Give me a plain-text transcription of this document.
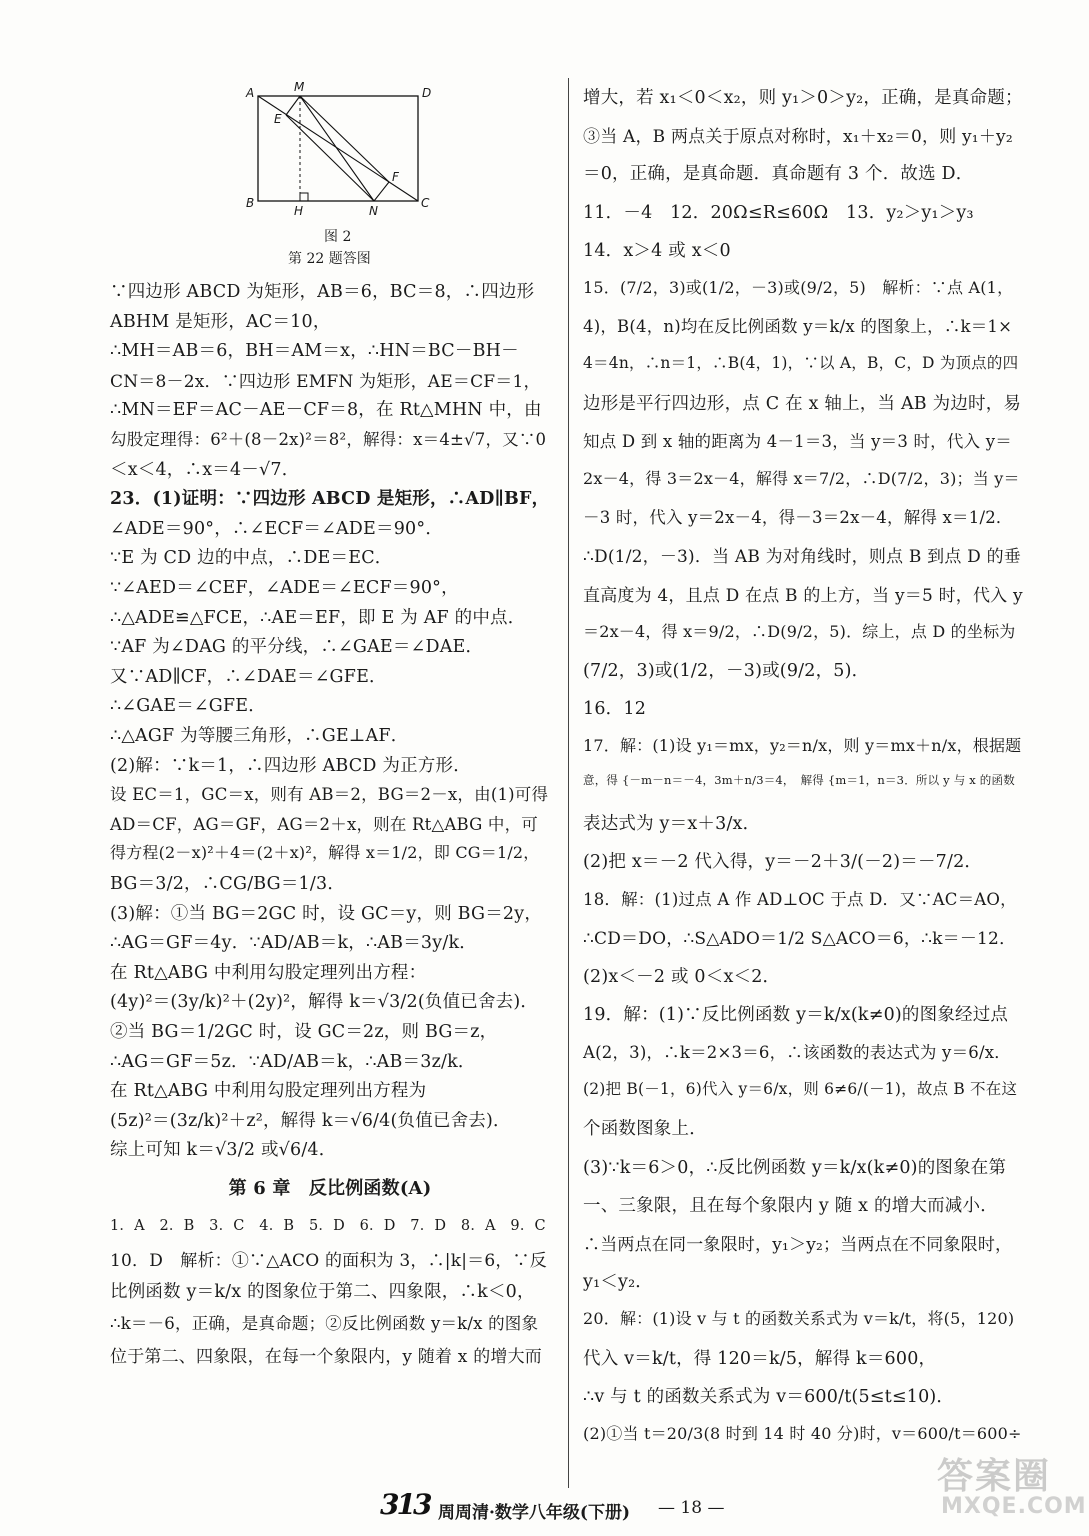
A	M	D
E
F
B
H	N
C
图 2
第 22 题答图
∵四边形 ABCD 为矩形，AB＝6，BC＝8，∴四边形
ABHM 是矩形，AC＝10，
∴MH＝AB＝6，BH＝AM＝x，∴HN＝BC－BH－
CN＝8－2x．∵四边形 EMFN 为矩形，AE＝CF＝1，
∴MN＝EF＝AC－AE－CF＝8，在 Rt△MHN 中，由
勾股定理得：6²＋(8－2x)²＝8²，解得：x＝4±√7，又∵0
＜x＜4，∴x＝4－√7．
23．(1)证明：∵四边形 ABCD 是矩形，∴AD∥BF，
∠ADE＝90°，∴∠ECF＝∠ADE＝90°．
∵E 为 CD 边的中点，∴DE＝EC．
∵∠AED＝∠CEF，∠ADE＝∠ECF＝90°，
∴△ADE≌△FCE，∴AE＝EF，即 E 为 AF 的中点．
∵AF 为∠DAG 的平分线，∴∠GAE＝∠DAE．
又∵AD∥CF，∴∠DAE＝∠GFE．
∴∠GAE＝∠GFE．
∴△AGF 为等腰三角形，∴GE⊥AF．
(2)解：∵k＝1，∴四边形 ABCD 为正方形．
设 EC＝1，GC＝x，则有 AB＝2，BG＝2－x，由(1)可得
AD＝CF，AG＝GF，AG＝2＋x，则在 Rt△ABG 中，可
得方程(2－x)²＋4＝(2＋x)²，解得 x＝1/2，即 CG＝1/2，
BG＝3/2，∴CG/BG＝1/3．
(3)解：①当 BG＝2GC 时，设 GC＝y，则 BG＝2y，
∴AG＝GF＝4y．∵AD/AB＝k，∴AB＝3y/k．
在 Rt△ABG 中利用勾股定理列出方程：
(4y)²＝(3y/k)²＋(2y)²，解得 k＝√3/2(负值已舍去)．
②当 BG＝1/2GC 时，设 GC＝2z，则 BG＝z，
∴AG＝GF＝5z．∵AD/AB＝k，∴AB＝3z/k．
在 Rt△ABG 中利用勾股定理列出方程为
(5z)²＝(3z/k)²＋z²，解得 k＝√6/4(负值已舍去)．
综上可知 k＝√3/2 或√6/4．
第 6 章　反比例函数(A)
1．A　2．B　3．C　4．B　5．D　6．D　7．D　8．A　9．C
10．D　解析：①∵△ACO 的面积为 3，∴|k|＝6，∵反
比例函数 y＝k/x 的图象位于第二、四象限，∴k＜0，
∴k＝－6，正确，是真命题；②反比例函数 y＝k/x 的图象
位于第二、四象限，在每一个象限内，y 随着 x 的增大而
增大，若 x₁＜0＜x₂，则 y₁＞0＞y₂，正确，是真命题；
③当 A，B 两点关于原点对称时，x₁＋x₂＝0，则 y₁＋y₂
＝0，正确，是真命题．真命题有 3 个．故选 D．
11．－4　12．20Ω≤R≤60Ω　13．y₂＞y₁＞y₃
14．x＞4 或 x＜0
15．(7/2，3)或(1/2，－3)或(9/2，5)　解析：∵点 A(1，
4)，B(4，n)均在反比例函数 y＝k/x 的图象上，∴k＝1×
4＝4n，∴n＝1，∴B(4，1)，∵以 A，B，C，D 为顶点的四
边形是平行四边形，点 C 在 x 轴上，当 AB 为边时，易
知点 D 到 x 轴的距离为 4－1＝3，当 y＝3 时，代入 y＝
2x－4，得 3＝2x－4，解得 x＝7/2，∴D(7/2，3)；当 y＝
－3 时，代入 y＝2x－4，得－3＝2x－4，解得 x＝1/2．
∴D(1/2，－3)．当 AB 为对角线时，则点 B 到点 D 的垂
直高度为 4，且点 D 在点 B 的上方，当 y＝5 时，代入 y
＝2x－4，得 x＝9/2，∴D(9/2，5)．综上，点 D 的坐标为
(7/2，3)或(1/2，－3)或(9/2，5)．
16．12
17．解：(1)设 y₁＝mx，y₂＝n/x，则 y＝mx＋n/x，根据题
意，得 {－m－n＝－4，3m＋n/3＝4，　解得 {m＝1，n＝3．所以 y 与 x 的函数
表达式为 y＝x＋3/x．
(2)把 x＝－2 代入得，y＝－2＋3/(－2)＝－7/2．
18．解：(1)过点 A 作 AD⊥OC 于点 D．又∵AC＝AO，
∴CD＝DO，∴S△ADO＝1/2 S△ACO＝6，∴k＝－12．
(2)x＜－2 或 0＜x＜2．
19．解：(1)∵反比例函数 y＝k/x(k≠0)的图象经过点
A(2，3)，∴k＝2×3＝6，∴该函数的表达式为 y＝6/x．
(2)把 B(－1，6)代入 y＝6/x，则 6≠6/(－1)，故点 B 不在这
个函数图象上．
(3)∵k＝6＞0，∴反比例函数 y＝k/x(k≠0)的图象在第
一、三象限，且在每个象限内 y 随 x 的增大而减小．
∴当两点在同一象限时，y₁＞y₂；当两点在不同象限时，
y₁＜y₂．
20．解：(1)设 v 与 t 的函数关系式为 v＝k/t，将(5，120)
代入 v＝k/t，得 120＝k/5，解得 k＝600，
∴v 与 t 的函数关系式为 v＝600/t(5≤t≤10)．
(2)①当 t＝20/3(8 时到 14 时 40 分)时，v＝600/t＝600÷
313 周周清·数学八年级(下册) — 18 —
答案圈
MXQE.COM
